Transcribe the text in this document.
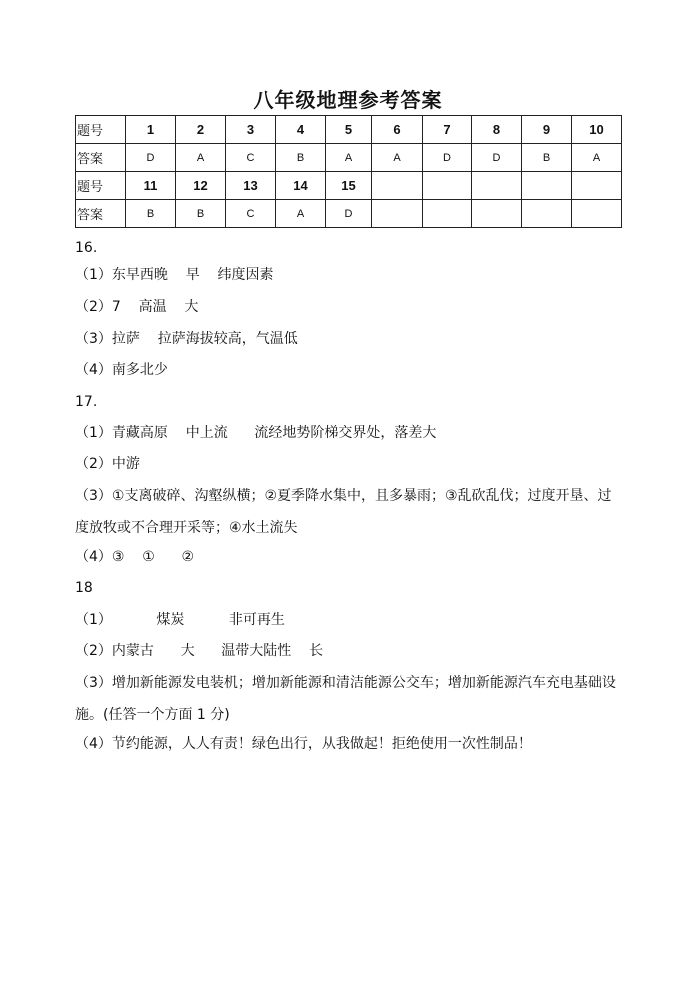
八年级地理参考答案
题号	1	2	3	4	5	6	7	8	9	10
答案	D	A	C	B	A	A	D	D	B	A
题号	11	12	13	14	15					
答案	B	B	C	A	D					
16.
（1）东早西晚    早    纬度因素
（2）7    高温    大
（3）拉萨    拉萨海拔较高，气温低
（4）南多北少
17.
（1）青藏高原    中上流      流经地势阶梯交界处，落差大
（2）中游
（3）①支离破碎、沟壑纵横；②夏季降水集中，且多暴雨；③乱砍乱伐；过度开垦、过度放牧或不合理开采等；④水土流失
（4）③    ①      ②
18
（1）          煤炭          非可再生
（2）内蒙古      大      温带大陆性    长
（3）增加新能源发电装机；增加新能源和清洁能源公交车；增加新能源汽车充电基础设施。(任答一个方面 1 分)
（4）节约能源，人人有责！绿色出行，从我做起！拒绝使用一次性制品！
